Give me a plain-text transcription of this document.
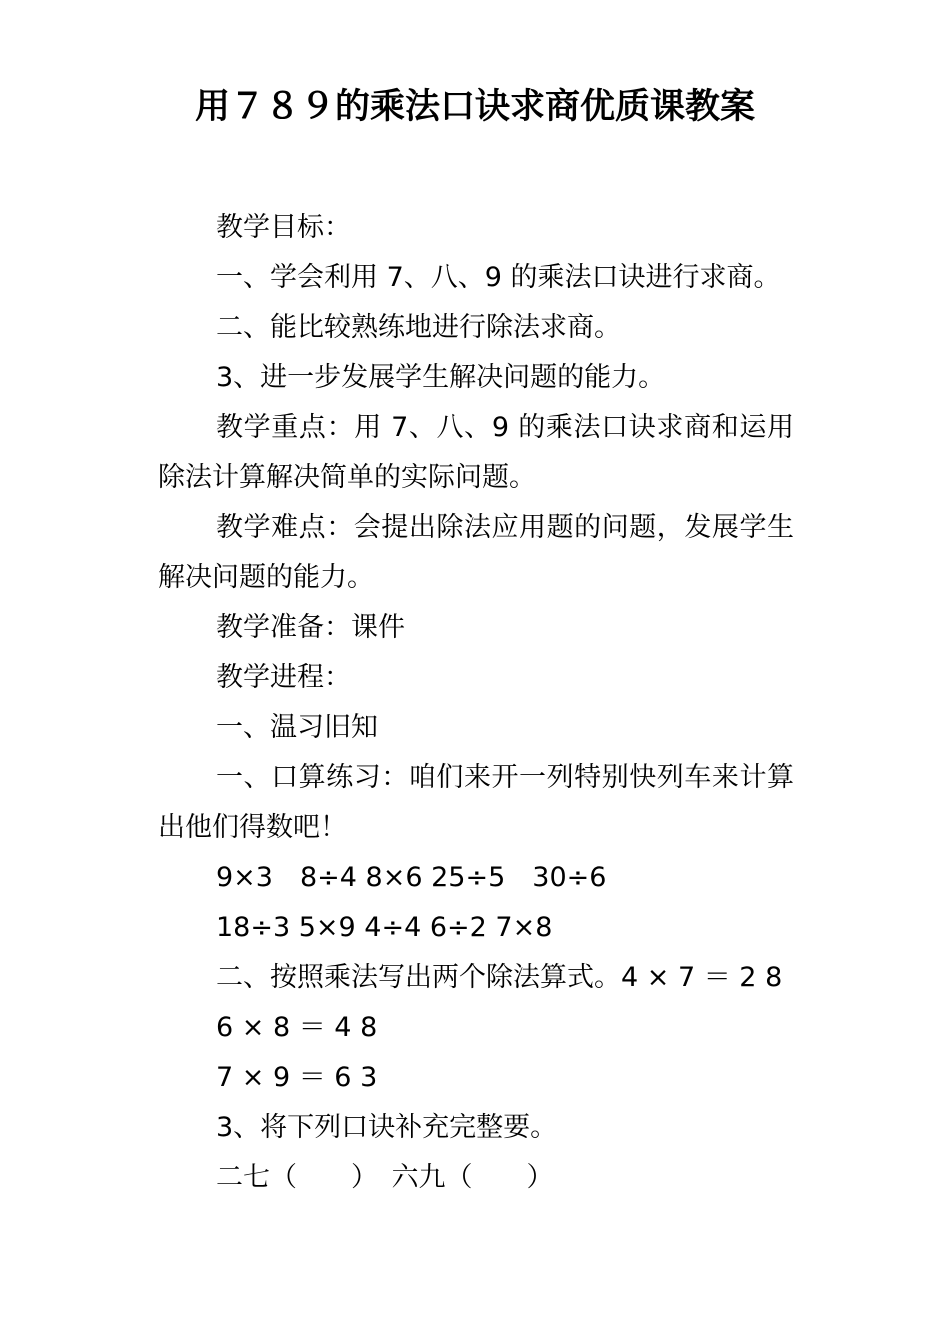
用７８９的乘法口诀求商优质课教案

教学目标：

一、学会利用 7、八、9 的乘法口诀进行求商。

二、能比较熟练地进行除法求商。

3、进一步发展学生解决问题的能力。

教学重点：用 7、八、9 的乘法口诀求商和运用除法计算解决简单的实际问题。

教学难点：会提出除法应用题的问题，发展学生解决问题的能力。

教学准备：课件

教学进程：

一、温习旧知

一、口算练习：咱们来开一列特别快列车来计算出他们得数吧！

9×3　8÷4 8×6 25÷5　30÷6

18÷3 5×9 4÷4 6÷2 7×8

二、按照乘法写出两个除法算式。4 × 7 ＝ 2 8

6 × 8 ＝ 4 8

7 × 9 ＝ 6 3

3、将下列口诀补充完整要。

二七（　　）　六九（　　）
